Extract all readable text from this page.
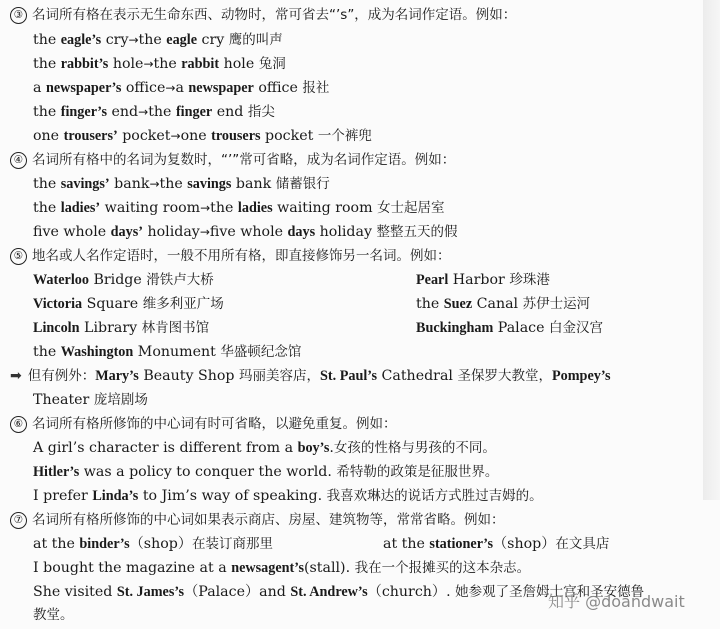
③ 名词所有格在表示无生命东西、动物时，常可省去“’s”，成为名词作定语。例如：
the eagle’s cry→the eagle cry 鹰的叫声
the rabbit’s hole→the rabbit hole 兔洞
a newspaper’s office→a newspaper office 报社
the finger’s end→the finger end 指尖
one trousers’ pocket→one trousers pocket 一个裤兜
④ 名词所有格中的名词为复数时，“’”常可省略，成为名词作定语。例如：
the savings’ bank→the savings bank 储蓄银行
the ladies’ waiting room→the ladies waiting room 女士起居室
five whole days’ holiday→five whole days holiday 整整五天的假
⑤ 地名或人名作定语时，一般不用所有格，即直接修饰另一名词。例如：
Waterloo Bridge 滑铁卢大桥	Pearl Harbor 珍珠港
Victoria Square 维多利亚广场	the Suez Canal 苏伊士运河
Lincoln Library 林肯图书馆	Buckingham Palace 白金汉宫
the Washington Monument 华盛顿纪念馆
➡ 但有例外：Mary’s Beauty Shop 玛丽美容店，St. Paul’s Cathedral 圣保罗大教堂，Pompey’s
Theater 庞培剧场
⑥ 名词所有格所修饰的中心词有时可省略，以避免重复。例如：
A girl’s character is different from a boy’s.女孩的性格与男孩的不同。
Hitler’s was a policy to conquer the world. 希特勒的政策是征服世界。
I prefer Linda’s to Jim’s way of speaking. 我喜欢琳达的说话方式胜过吉姆的。
⑦ 名词所有格所修饰的中心词如果表示商店、房屋、建筑物等，常常省略。例如：
at the binder’s（shop）在装订商那里	at the stationer’s（shop）在文具店
I bought the magazine at a newsagent’s(stall). 我在一个报摊买的这本杂志。
She visited St. James’s（Palace）and St. Andrew’s（church）. 她参观了圣詹姆士宫和圣安德鲁
教堂。
知乎 @doandwait
